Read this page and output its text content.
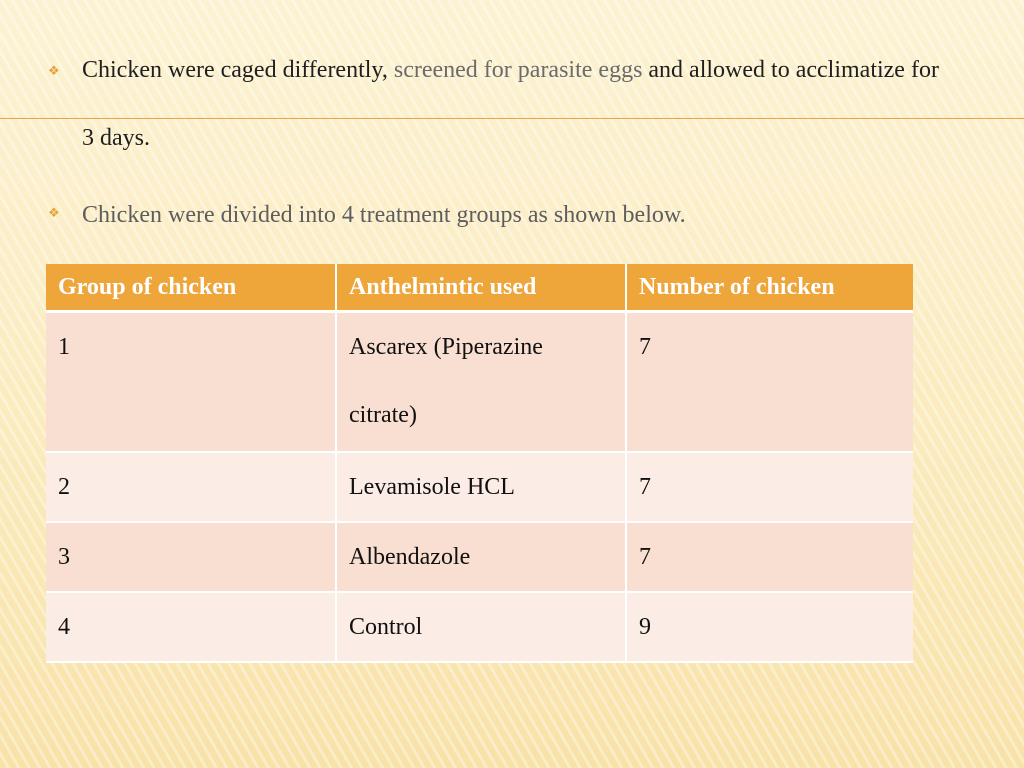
❖ Chicken were caged differently, screened for parasite eggs and allowed to acclimatize for 3 days.
❖ Chicken were divided into 4 treatment groups as shown below.
Group of chicken	Anthelmintic used	Number of chicken
1	Ascarex (Piperazine citrate)	7
2	Levamisole HCL	7
3	Albendazole	7
4	Control	9
